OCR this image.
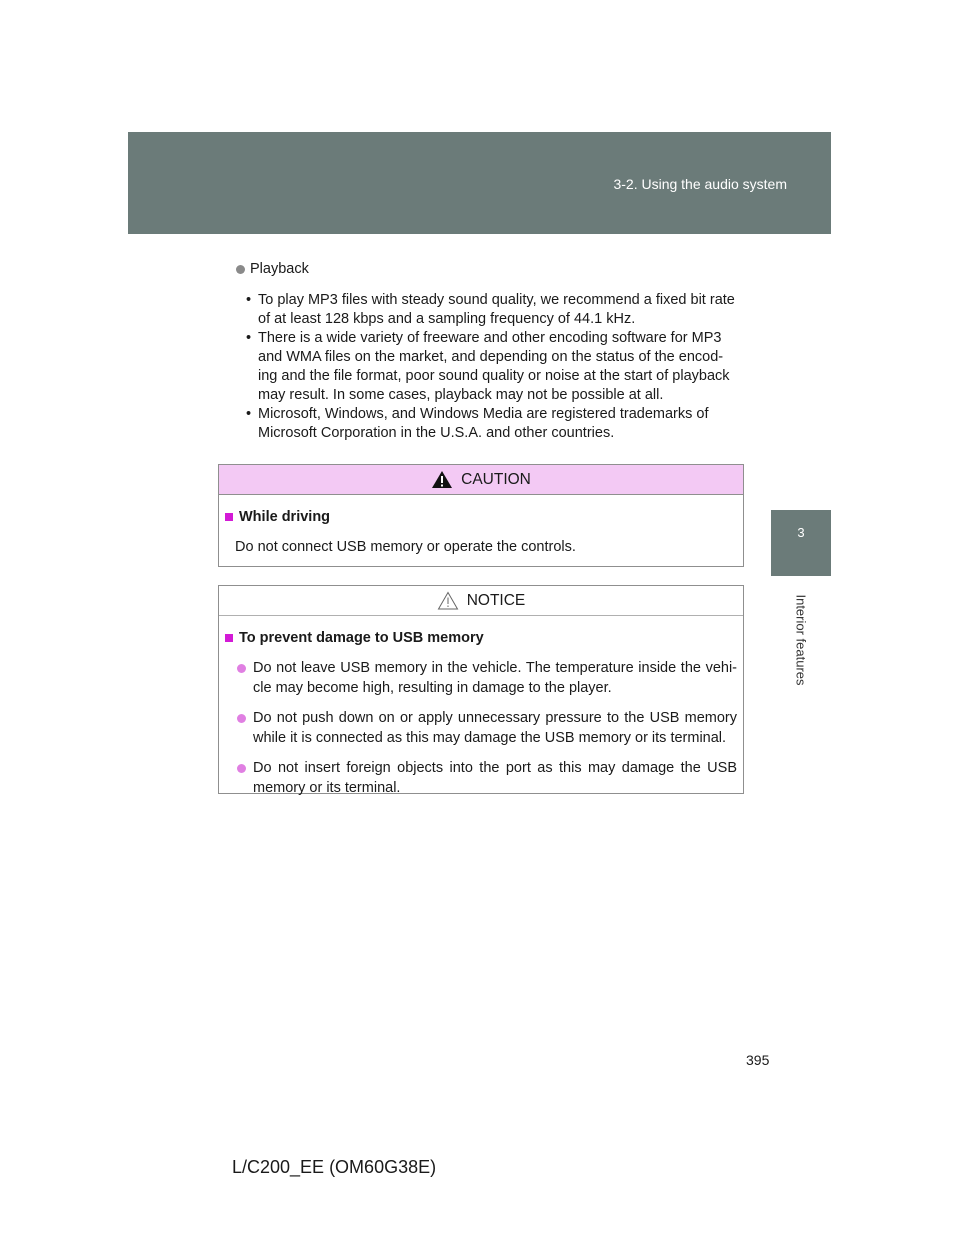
3-2. Using the audio system
3
Interior features
Playback
• To play MP3 files with steady sound quality, we recommend a fixed bit rate of at least 128 kbps and a sampling frequency of 44.1 kHz.
• There is a wide variety of freeware and other encoding software for MP3 and WMA files on the market, and depending on the status of the encod-ing and the file format, poor sound quality or noise at the start of playback may result. In some cases, playback may not be possible at all.
• Microsoft, Windows, and Windows Media are registered trademarks of Microsoft Corporation in the U.S.A. and other countries.
CAUTION
While driving
Do not connect USB memory or operate the controls.
NOTICE
To prevent damage to USB memory
Do not leave USB memory in the vehicle. The temperature inside the vehi-cle may become high, resulting in damage to the player.
Do not push down on or apply unnecessary pressure to the USB memory while it is connected as this may damage the USB memory or its terminal.
Do not insert foreign objects into the port as this may damage the USB memory or its terminal.
395
L/C200_EE (OM60G38E)
